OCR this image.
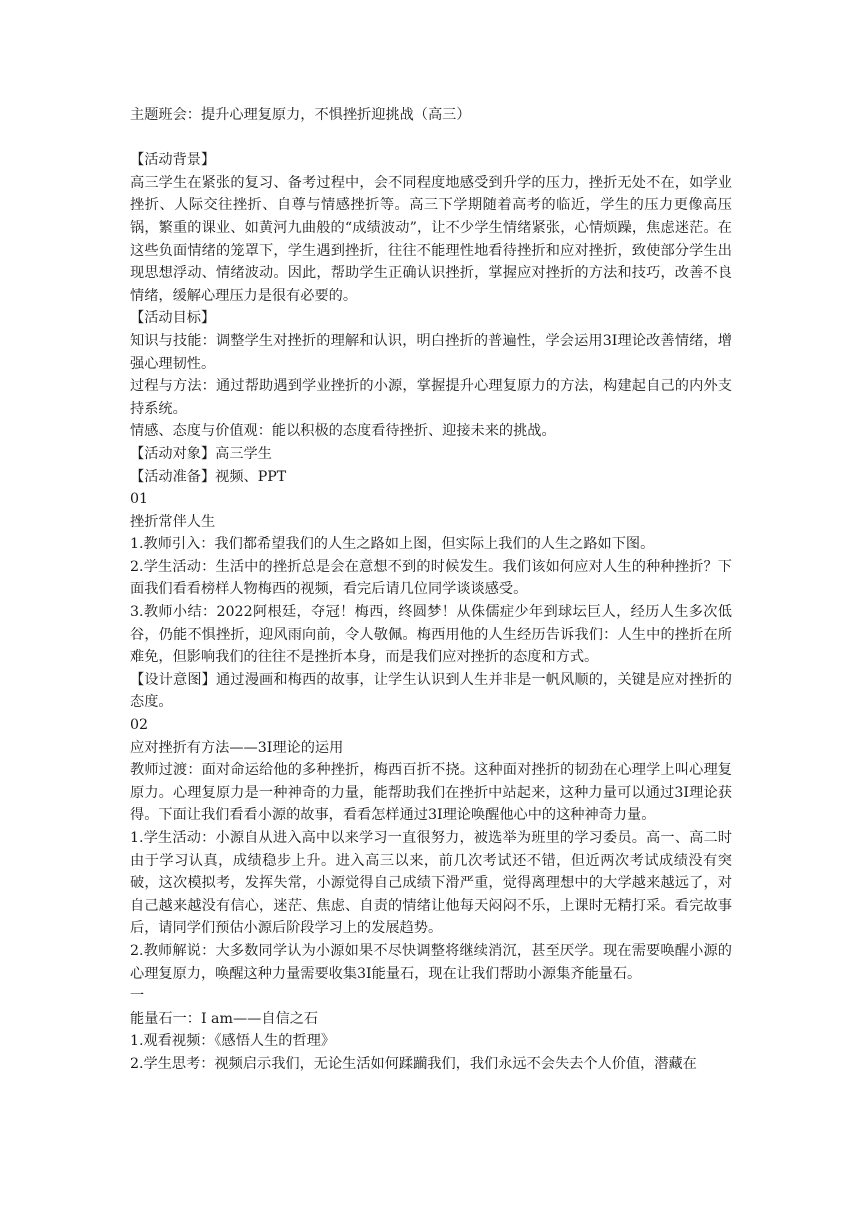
主题班会：提升心理复原力，不惧挫折迎挑战（高三）

【活动背景】

高三学生在紧张的复习、备考过程中，会不同程度地感受到升学的压力，挫折无处不在，如学业挫折、人际交往挫折、自尊与情感挫折等。高三下学期随着高考的临近，学生的压力更像高压锅，繁重的课业、如黄河九曲般的“成绩波动”，让不少学生情绪紧张，心情烦躁，焦虑迷茫。在这些负面情绪的笼罩下，学生遇到挫折，往往不能理性地看待挫折和应对挫折，致使部分学生出现思想浮动、情绪波动。因此，帮助学生正确认识挫折，掌握应对挫折的方法和技巧，改善不良情绪，缓解心理压力是很有必要的。

【活动目标】

知识与技能：调整学生对挫折的理解和认识，明白挫折的普遍性，学会运用3I理论改善情绪，增强心理韧性。

过程与方法：通过帮助遇到学业挫折的小源，掌握提升心理复原力的方法，构建起自己的内外支持系统。

情感、态度与价值观：能以积极的态度看待挫折、迎接未来的挑战。

【活动对象】高三学生

【活动准备】视频、PPT

01

挫折常伴人生

1.教师引入：我们都希望我们的人生之路如上图，但实际上我们的人生之路如下图。

2.学生活动：生活中的挫折总是会在意想不到的时候发生。我们该如何应对人生的种种挫折？下面我们看看榜样人物梅西的视频，看完后请几位同学谈谈感受。

3.教师小结：2022阿根廷，夺冠！梅西，终圆梦！从侏儒症少年到球坛巨人，经历人生多次低谷，仍能不惧挫折，迎风雨向前，令人敬佩。梅西用他的人生经历告诉我们：人生中的挫折在所难免，但影响我们的往往不是挫折本身，而是我们应对挫折的态度和方式。

【设计意图】通过漫画和梅西的故事，让学生认识到人生并非是一帆风顺的，关键是应对挫折的态度。

02

应对挫折有方法——3I理论的运用

教师过渡：面对命运给他的多种挫折，梅西百折不挠。这种面对挫折的韧劲在心理学上叫心理复原力。心理复原力是一种神奇的力量，能帮助我们在挫折中站起来，这种力量可以通过3I理论获得。下面让我们看看小源的故事，看看怎样通过3I理论唤醒他心中的这种神奇力量。

1.学生活动：小源自从进入高中以来学习一直很努力，被选举为班里的学习委员。高一、高二时由于学习认真，成绩稳步上升。进入高三以来，前几次考试还不错，但近两次考试成绩没有突破，这次模拟考，发挥失常，小源觉得自己成绩下滑严重，觉得离理想中的大学越来越远了，对自己越来越没有信心，迷茫、焦虑、自责的情绪让他每天闷闷不乐，上课时无精打采。看完故事后，请同学们预估小源后阶段学习上的发展趋势。

2.教师解说：大多数同学认为小源如果不尽快调整将继续消沉，甚至厌学。现在需要唤醒小源的心理复原力，唤醒这种力量需要收集3I能量石，现在让我们帮助小源集齐能量石。

一

能量石一：I am——自信之石

1.观看视频：《感悟人生的哲理》

2.学生思考：视频启示我们，无论生活如何蹂躏我们，我们永远不会失去个人价值，潜藏在
